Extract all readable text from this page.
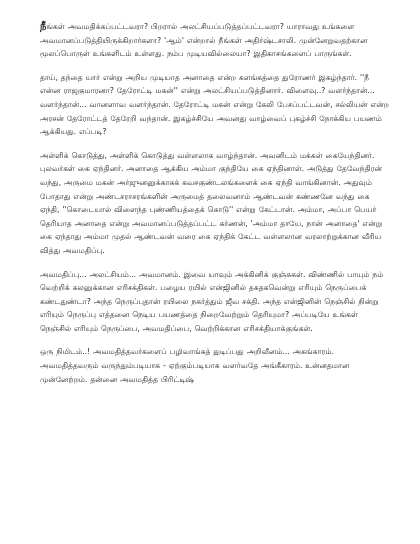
நீங்கள் அவமதிக்கப்பட்டவரா? பிறரால் அலட்சியப்படுத்தப்பட்டவரா? யாராவது உங்களை அவமானப்படுத்தியிருக்கிறார்களா? 'ஆம்' என்றால் நீங்கள் அதிர்ஷ்டசாலி. முன்னேறுவதற்கான மூலப்பொருள் உங்களிடம் உள்ளது. நம்ப முடியவில்லையா? இதிகாசங்களைப் பாருங்கள்.

தாய், தந்தை யார் என்று அறிய முடியாத அனாதை என்ற களங்கத்தை துரோணர் இகழ்ந்தார். ''நீ என்ன ராஜகுமாரனா? தேரோட்டி மகன்'' என்று அலட்சியப்படுத்தினார். விளைவு..? வளர்ந்தான்... வளர்ந்தான்... வானளாவ வளர்ந்தான். தேரோட்டி மகன் என்று கேலி பேசப்பட்டவன், சல்லியன் என்ற அரசன் தேரோட்டத் தேரேறி வந்தான். இகழ்ச்சியே அவனது வாழ்வைப் புகழ்ச்சி நோக்கிய பயணம் ஆக்கியது. எப்படி?

அள்ளிக் கொடுத்து, அள்ளிக் கொடுத்து வள்ளலாக வாழ்ந்தான். அவனிடம் மக்கள் கையேந்தினர். புலவர்கள் கை ஏந்தினர். அனாதை ஆக்கிய அம்மா குந்தியே கை ஏந்தினாள். அடுத்து தேவேந்திரன் வந்து, அருமை மகன் அர்ஜுனனுக்காகக் கவசகுண்டலங்களைக் கை ஏந்தி வாங்கினான். அதுவும் போதாது என்று அண்டசராசரங்களின் அருமைத் தலைவனாம் ஆண்டவன் கண்ணனே வந்து கை ஏந்தி, ''கொடையால் விளைந்த புண்ணியத்தைக் கொடு'' என்று கேட்டான். அம்மா, அப்பா பெயர் தெரியாத அனாதை என்று அவமானப்படுத்தப்பட்ட கர்ணன், 'அம்மா தாயே, நான் அனாதை' என்று கை ஏந்தாது அம்மா முதல் ஆண்டவன் வரை கை ஏந்திக் கேட்ட வள்ளலான வரலாற்றுக்கான வீரிய வித்து அவமதிப்பு.

அவமதிப்பு... அலட்சியம்... அவமானம். இவை யாவும் அக்கினிக் குஞ்சுகள். விண்ணில் பாயும் நம் வெற்றிக் கலனுக்கான எரிசக்திகள். பழைய ரயில் என்ஜினில் தகதகவென்று எரியும் நெருப்பைக் கண்டதுண்டா? அந்த நெருப்புதான் ரயிலை நகர்த்தும் ஜீவ சக்தி. அந்த என்ஜினின் நெஞ்சில் நின்று எரியும் நெருப்பு எத்தனை நெடிய பயணத்தை நிறைவேற்றும் தெரியுமா? அப்படியே உங்கள் நெஞ்சில் எரியும் நெருப்பை, அவமதிப்பை, வெற்றிக்கான எரிசக்தியாக்குங்கள்.

ஒரு நிமிடம்..! அவமதித்தவர்களைப் பழிவாங்கத் துடிப்பது அறிவீனம்... அகங்காரம். அவமதித்தவரும் வருந்தும்படியாக - ஏற்கும்படியாக வளர்வதே அங்கீகாரம். உன்னதமான முன்னேற்றம். தன்னை அவமதித்த பிரிட்டிஷ்
